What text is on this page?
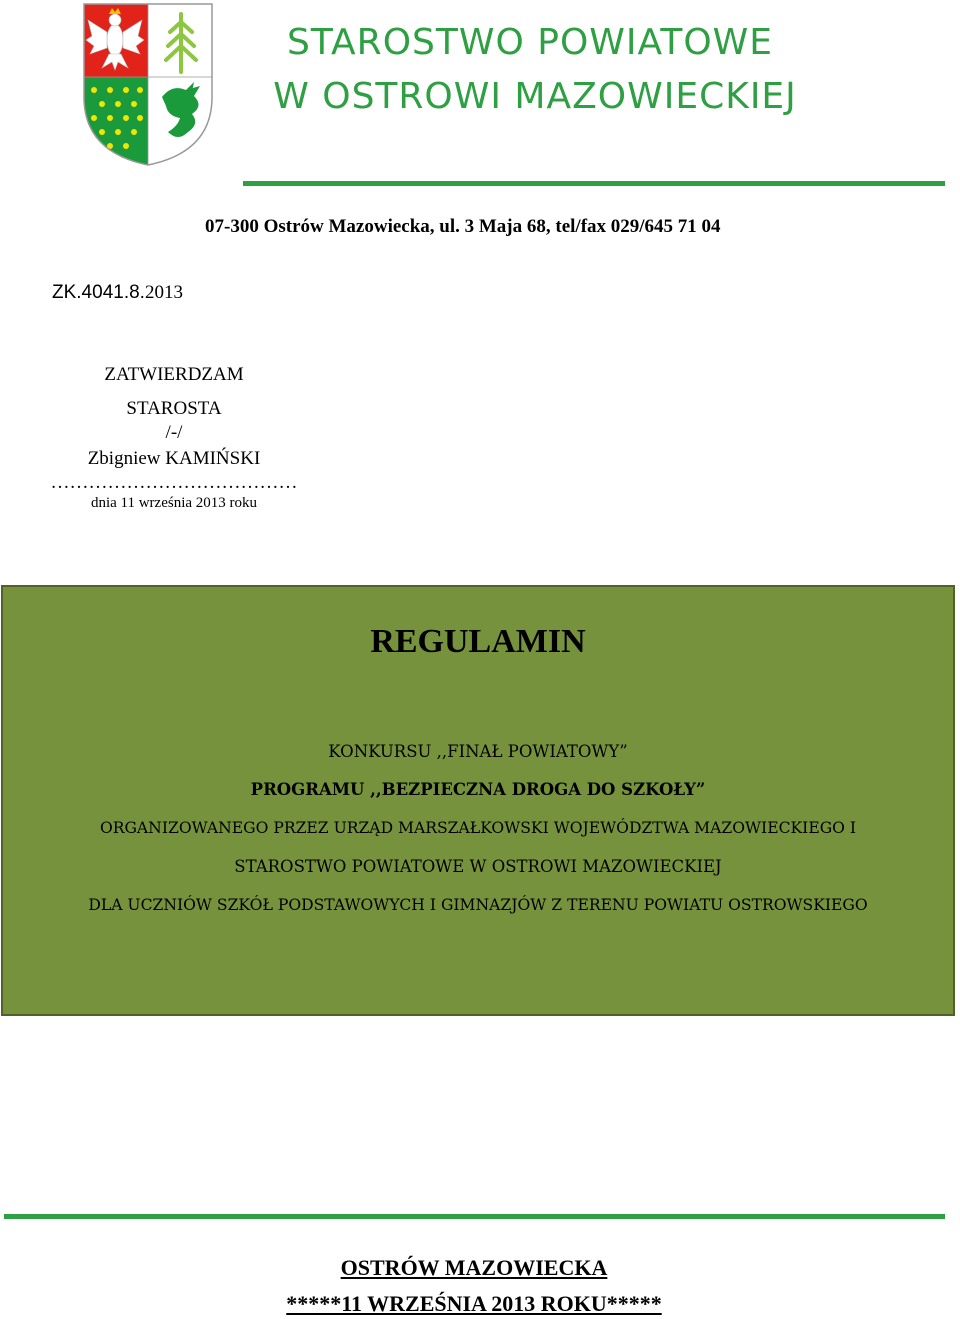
STAROSTWO POWIATOWE
W OSTROWI MAZOWIECKIEJ
07-300 Ostrów Mazowiecka, ul. 3 Maja 68, tel/fax 029/645 71 04
ZK.4041.8.2013
ZATWIERDZAM
STAROSTA
/-/
Zbigniew KAMIŃSKI
…………………………………
dnia 11 września 2013 roku
REGULAMIN
KONKURSU ,,FINAŁ POWIATOWY”
PROGRAMU ,,BEZPIECZNA DROGA DO SZKOŁY”
ORGANIZOWANEGO PRZEZ URZĄD MARSZAŁKOWSKI WOJEWÓDZTWA MAZOWIECKIEGO I
STAROSTWO POWIATOWE W OSTROWI MAZOWIECKIEJ
DLA UCZNIÓW SZKÓŁ PODSTAWOWYCH I GIMNAZJÓW Z TERENU POWIATU OSTROWSKIEGO
OSTRÓW MAZOWIECKA
*****11 WRZEŚNIA 2013 ROKU*****
